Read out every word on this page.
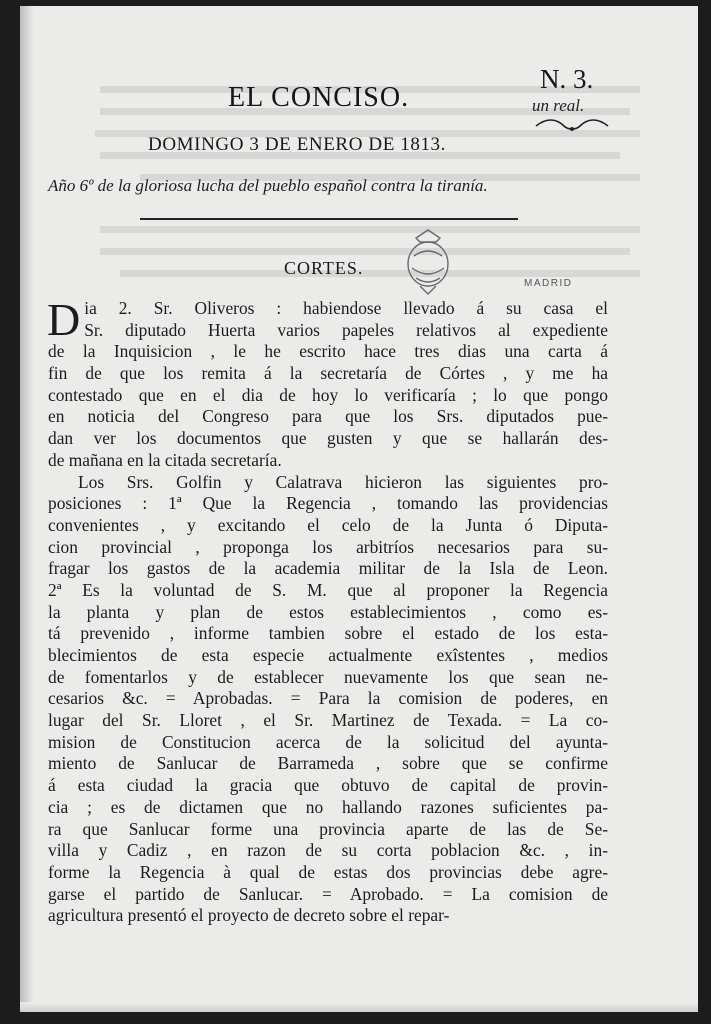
EL CONCISO.
N. 3.
un real.
DOMINGO 3 DE ENERO DE 1813.
Año 6º de la gloriosa lucha del pueblo español contra la tiranía.
MADRID
CORTES.
D ia 2. Sr. Oliveros : habiendose llevado á su casa el
Sr. diputado Huerta varios papeles relativos al expediente
de la Inquisicion , le he escrito hace tres dias una carta á
fin de que los remita á la secretaría de Córtes , y me ha
contestado que en el dia de hoy lo verificaría ; lo que pongo
en noticia del Congreso para que los Srs. diputados pue-
dan ver los documentos que gusten y que se hallarán des-
de mañana en la citada secretaría.
Los Srs. Golfin y Calatrava hicieron las siguientes pro-
posiciones : 1ª Que la Regencia , tomando las providencias
convenientes , y excitando el celo de la Junta ó Diputa-
cion provincial , proponga los arbitríos necesarios para su-
fragar los gastos de la academia militar de la Isla de Leon.
2ª Es la voluntad de S. M. que al proponer la Regencia
la planta y plan de estos establecimientos , como es-
tá prevenido , informe tambien sobre el estado de los esta-
blecimientos de esta especie actualmente exîstentes , medios
de fomentarlos y de establecer nuevamente los que sean ne-
cesarios &c. = Aprobadas. = Para la comision de poderes, en
lugar del Sr. Lloret , el Sr. Martinez de Texada. = La co-
mision de Constitucion acerca de la solicitud del ayunta-
miento de Sanlucar de Barrameda , sobre que se confirme
á esta ciudad la gracia que obtuvo de capital de provin-
cia ; es de dictamen que no hallando razones suficientes pa-
ra que Sanlucar forme una provincia aparte de las de Se-
villa y Cadiz , en razon de su corta poblacion &c. , in-
forme la Regencia à qual de estas dos provincias debe agre-
garse el partido de Sanlucar. = Aprobado. = La comision de
agricultura presentó el proyecto de decreto sobre el repar-
